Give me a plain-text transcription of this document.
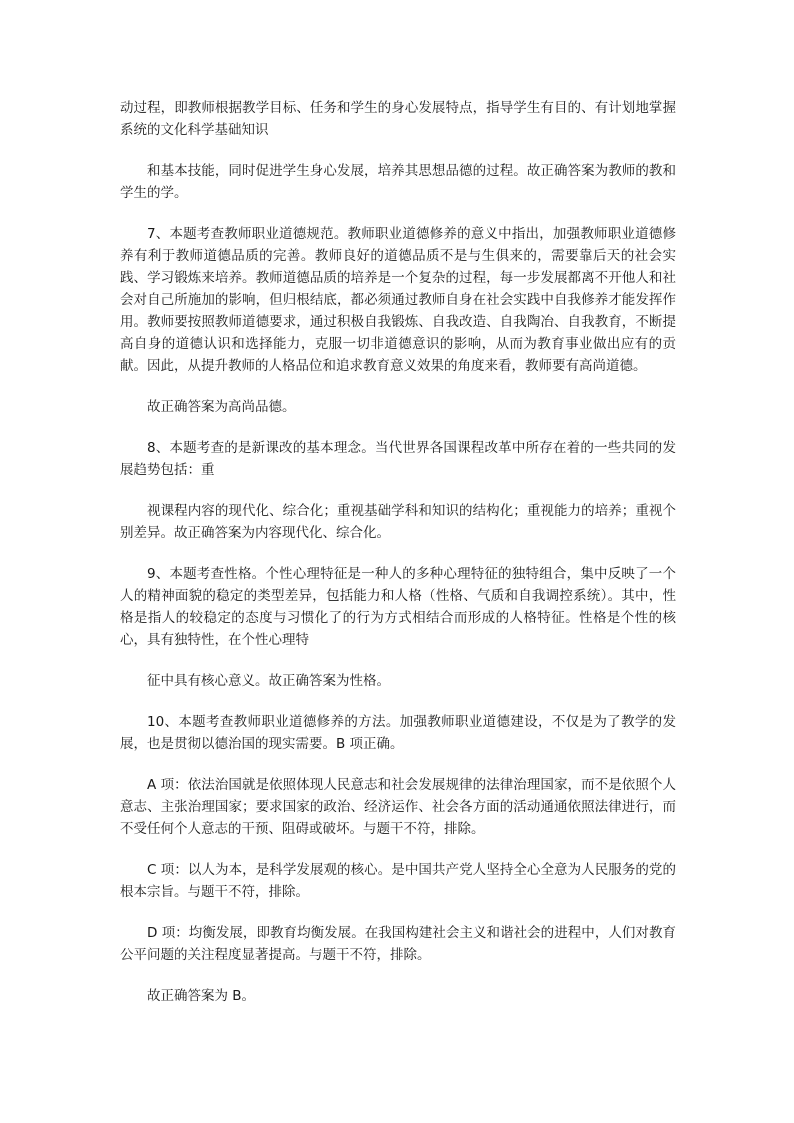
动过程，即教师根据教学目标、任务和学生的身心发展特点，指导学生有目的、有计划地掌握系统的文化科学基础知识

和基本技能，同时促进学生身心发展，培养其思想品德的过程。故正确答案为教师的教和学生的学。

7、本题考查教师职业道德规范。教师职业道德修养的意义中指出，加强教师职业道德修养有利于教师道德品质的完善。教师良好的道德品质不是与生俱来的，需要靠后天的社会实践、学习锻炼来培养。教师道德品质的培养是一个复杂的过程，每一步发展都离不开他人和社会对自己所施加的影响，但归根结底，都必须通过教师自身在社会实践中自我修养才能发挥作用。教师要按照教师道德要求，通过积极自我锻炼、自我改造、自我陶冶、自我教育，不断提高自身的道德认识和选择能力，克服一切非道德意识的影响，从而为教育事业做出应有的贡献。因此，从提升教师的人格品位和追求教育意义效果的角度来看，教师要有高尚道德。

故正确答案为高尚品德。

8、本题考查的是新课改的基本理念。当代世界各国课程改革中所存在着的一些共同的发展趋势包括：重

视课程内容的现代化、综合化；重视基础学科和知识的结构化；重视能力的培养；重视个别差异。故正确答案为内容现代化、综合化。

9、本题考查性格。个性心理特征是一种人的多种心理特征的独特组合，集中反映了一个人的精神面貌的稳定的类型差异，包括能力和人格（性格、气质和自我调控系统）。其中，性格是指人的较稳定的态度与习惯化了的行为方式相结合而形成的人格特征。性格是个性的核心，具有独特性，在个性心理特

征中具有核心意义。故正确答案为性格。

10、本题考查教师职业道德修养的方法。加强教师职业道德建设，不仅是为了教学的发展，也是贯彻以德治国的现实需要。B 项正确。

A 项：依法治国就是依照体现人民意志和社会发展规律的法律治理国家，而不是依照个人意志、主张治理国家；要求国家的政治、经济运作、社会各方面的活动通通依照法律进行，而不受任何个人意志的干预、阻碍或破坏。与题干不符，排除。

C 项：以人为本，是科学发展观的核心。是中国共产党人坚持全心全意为人民服务的党的根本宗旨。与题干不符，排除。

D 项：均衡发展，即教育均衡发展。在我国构建社会主义和谐社会的进程中，人们对教育公平问题的关注程度显著提高。与题干不符，排除。

故正确答案为 B。
